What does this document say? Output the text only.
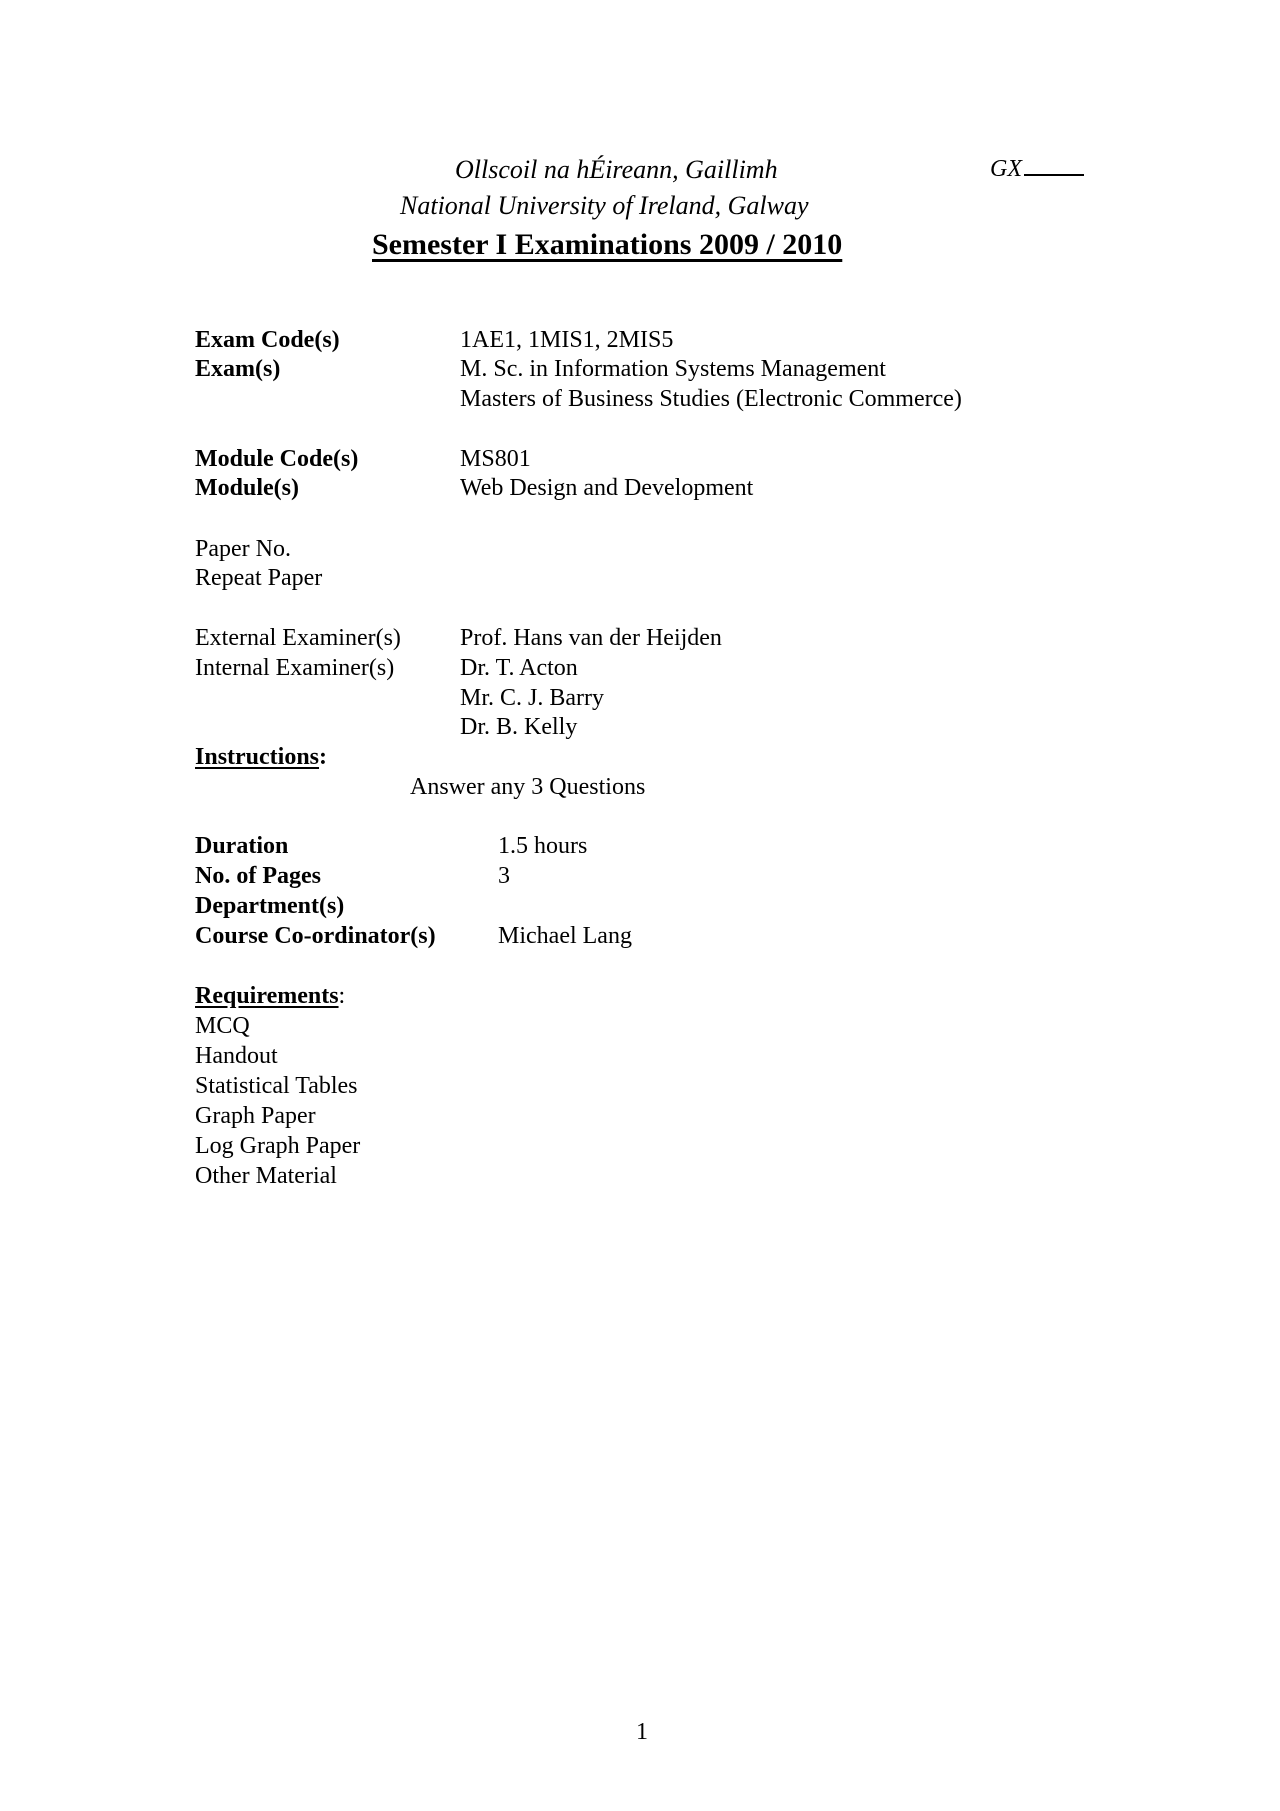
Ollscoil na hÉireann, Gaillimh
National University of Ireland, Galway
Semester I Examinations 2009 / 2010
GX
Exam Code(s)	1AE1, 1MIS1, 2MIS5
Exam(s)	M. Sc. in Information Systems Management
Masters of Business Studies (Electronic Commerce)
Module Code(s)	MS801
Module(s)	Web Design and Development
Paper No.
Repeat Paper
External Examiner(s) Prof. Hans van der Heijden
Internal Examiner(s)	Dr. T. Acton
Mr. C. J. Barry
Dr. B. Kelly
Instructions:
Answer any 3 Questions
Duration	1.5 hours
No. of Pages	3
Department(s)
Course Co-ordinator(s)	Michael Lang
Requirements:
MCQ
Handout
Statistical Tables
Graph Paper
Log Graph Paper
Other Material
1
